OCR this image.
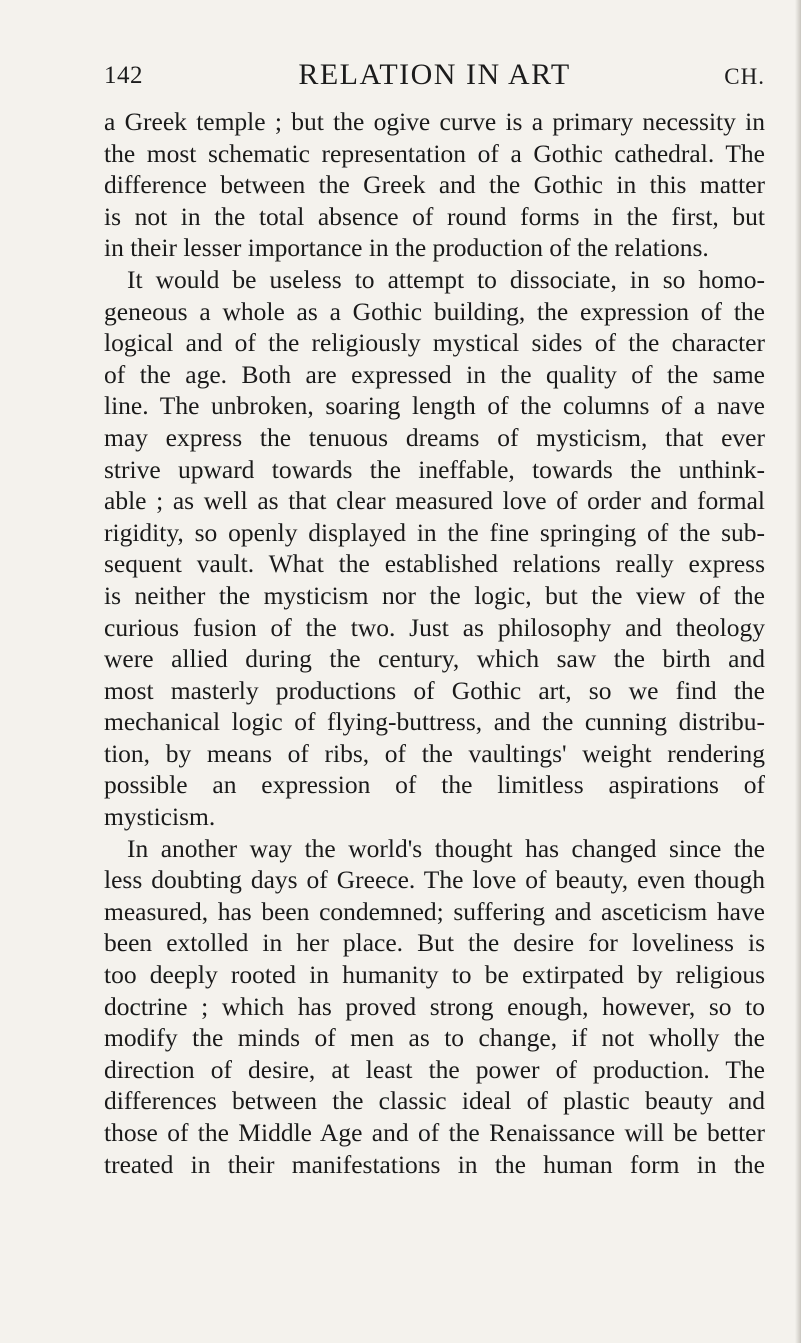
142	RELATION IN ART	CH.

a Greek temple ; but the ogive curve is a primary necessity in

the most schematic representation of a Gothic cathedral. The

difference between the Greek and the Gothic in this matter

is not in the total absence of round forms in the first, but

in their lesser importance in the production of the relations.

It would be useless to attempt to dissociate, in so homo-

geneous a whole as a Gothic building, the expression of the

logical and of the religiously mystical sides of the character

of the age. Both are expressed in the quality of the same

line. The unbroken, soaring length of the columns of a nave

may express the tenuous dreams of mysticism, that ever

strive upward towards the ineffable, towards the unthink-

able ; as well as that clear measured love of order and formal

rigidity, so openly displayed in the fine springing of the sub-

sequent vault. What the established relations really express

is neither the mysticism nor the logic, but the view of the

curious fusion of the two. Just as philosophy and theology

were allied during the century, which saw the birth and

most masterly productions of Gothic art, so we find the

mechanical logic of flying-buttress, and the cunning distribu-

tion, by means of ribs, of the vaultings' weight rendering

possible an expression of the limitless aspirations of

mysticism.

In another way the world's thought has changed since the

less doubting days of Greece. The love of beauty, even though

measured, has been condemned; suffering and asceticism have

been extolled in her place. But the desire for loveliness is

too deeply rooted in humanity to be extirpated by religious

doctrine ; which has proved strong enough, however, so to

modify the minds of men as to change, if not wholly the

direction of desire, at least the power of production. The

differences between the classic ideal of plastic beauty and

those of the Middle Age and of the Renaissance will be better

treated in their manifestations in the human form in the
